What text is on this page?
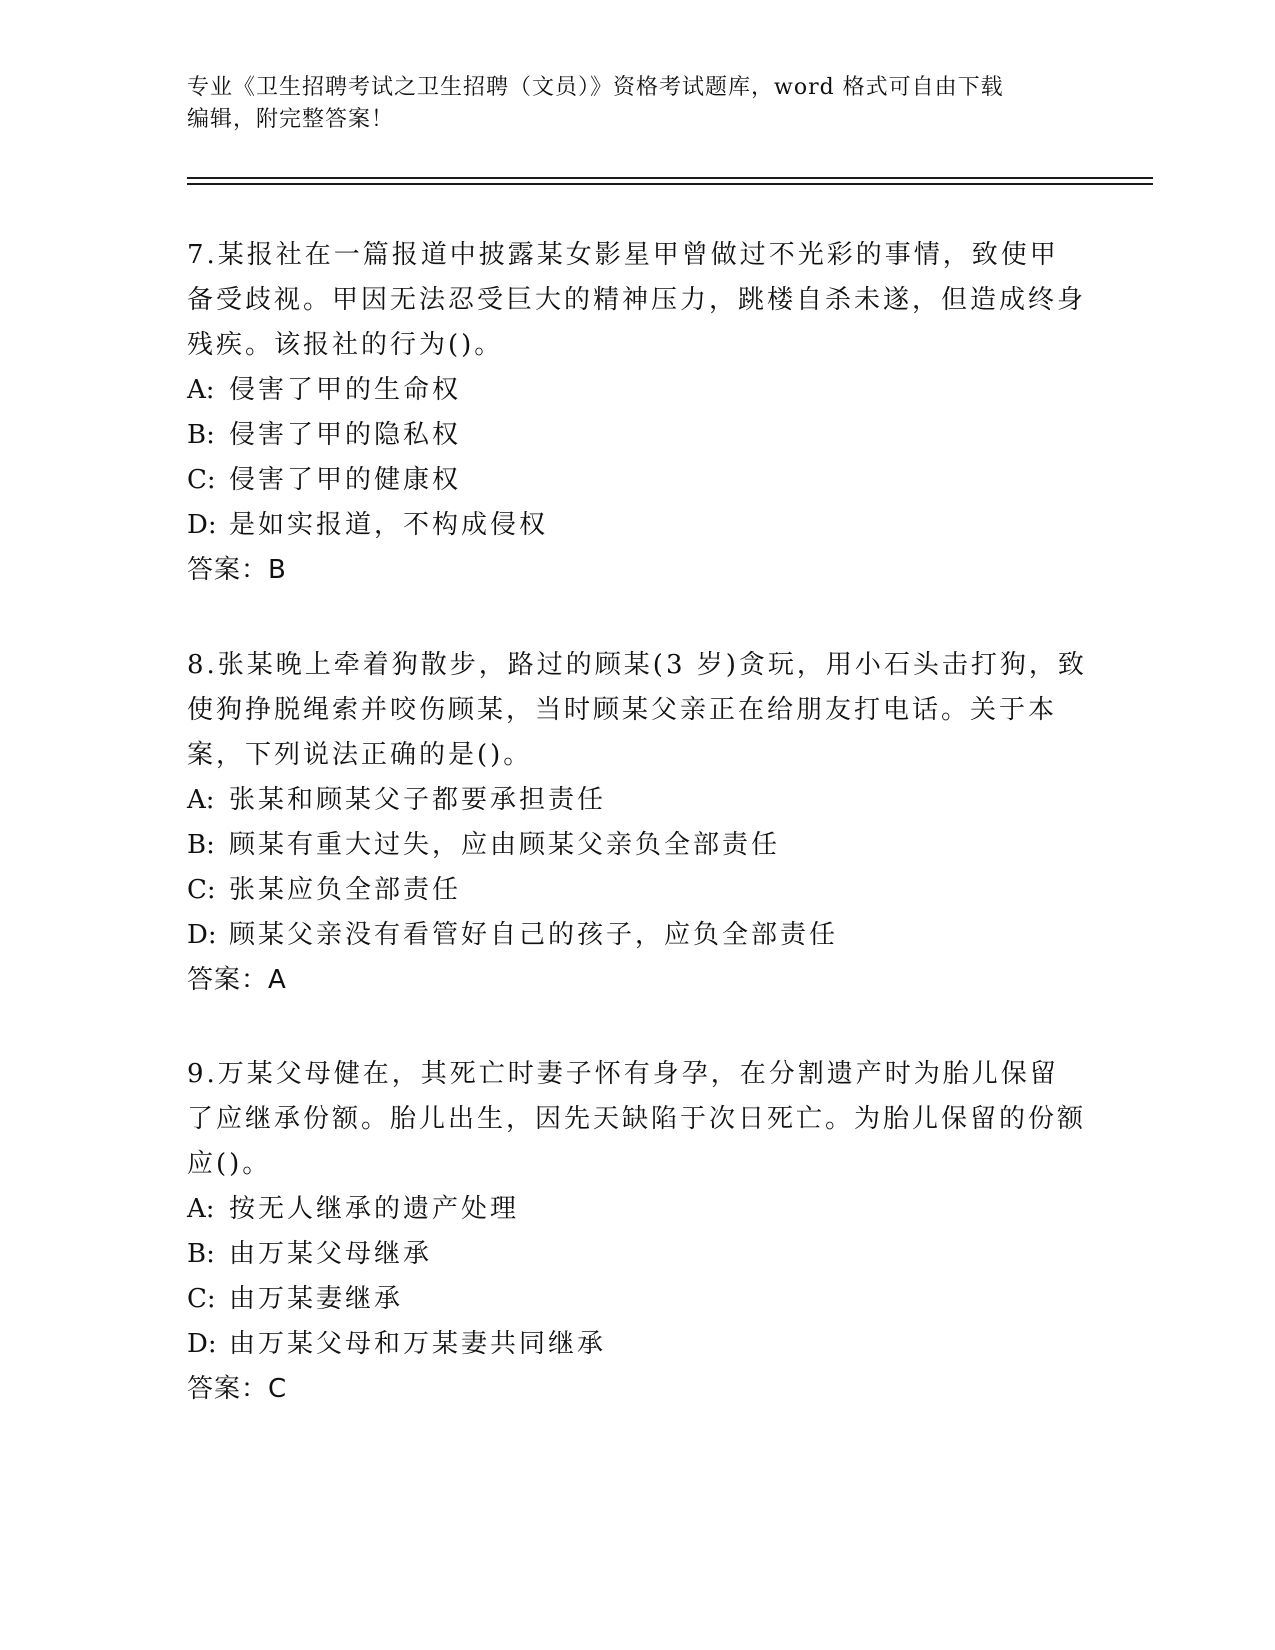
专业《卫生招聘考试之卫生招聘（文员）》资格考试题库，word 格式可自由下载
编辑，附完整答案！

7.某报社在一篇报道中披露某女影星甲曾做过不光彩的事情，致使甲备受歧视。甲因无法忍受巨大的精神压力，跳楼自杀未遂，但造成终身残疾。该报社的行为()。

A: 侵害了甲的生命权

B: 侵害了甲的隐私权

C: 侵害了甲的健康权

D: 是如实报道，不构成侵权

答案：B

8.张某晚上牵着狗散步，路过的顾某(3 岁)贪玩，用小石头击打狗，致使狗挣脱绳索并咬伤顾某，当时顾某父亲正在给朋友打电话。关于本案，下列说法正确的是()。

A: 张某和顾某父子都要承担责任

B: 顾某有重大过失，应由顾某父亲负全部责任

C: 张某应负全部责任

D: 顾某父亲没有看管好自己的孩子，应负全部责任

答案：A

9.万某父母健在，其死亡时妻子怀有身孕，在分割遗产时为胎儿保留了应继承份额。胎儿出生，因先天缺陷于次日死亡。为胎儿保留的份额应()。

A: 按无人继承的遗产处理

B: 由万某父母继承

C: 由万某妻继承

D: 由万某父母和万某妻共同继承

答案：C
